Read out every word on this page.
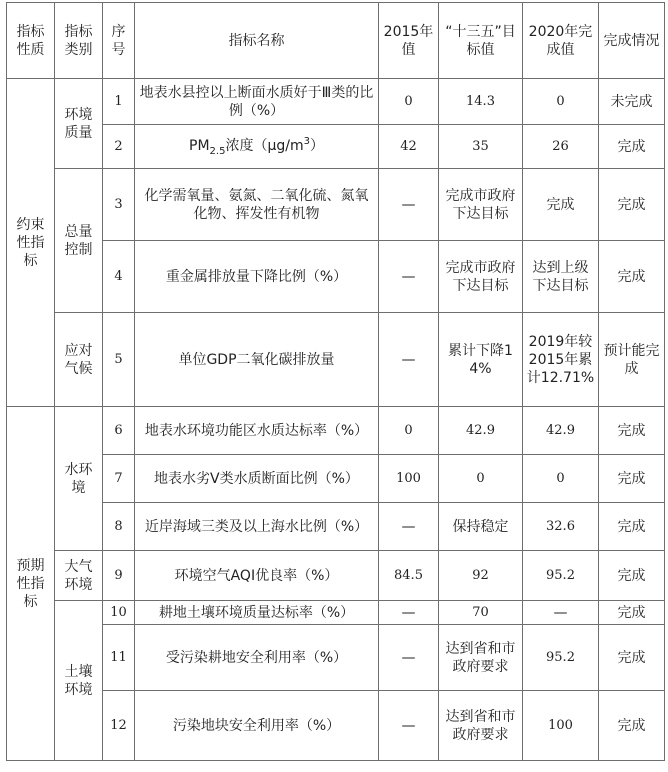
指标性质	指标类别	序号	指标名称	2015年值	“十三五”目标值	2020年完成值	完成情况
约束性指标	环境质量	1	地表水县控以上断面水质好于Ⅲ类的比例（%）	0	14.3	0	未完成
		2	$PM_{2.5}$浓度$(\mu g/m^3)$	42	35	26	完成
	总量控制	3	化学需氧量、氨氮、二氧化硫、氮氧化物、挥发性有机物	—	完成市政府下达目标	完成	完成
		4	重金属排放量下降比例（%）	—	完成市政府下达目标	达到上级下达目标	完成
	应对气候	5	单位GDP二氧化碳排放量	—	累计下降14%	2019年较2015年累计12.71%	预计能完成
预期性指标	水环境	6	地表水环境功能区水质达标率（%）	0	42.9	42.9	完成
		7	地表水劣V类水质断面比例（%）	100	0	0	完成
		8	近岸海域三类及以上海水比例（%）	—	保持稳定	32.6	完成
	大气环境	9	环境空气AQI优良率（%）	84.5	92	95.2	完成
	土壤环境	10	耕地土壤环境质量达标率（%）	—	70	—	完成
		11	受污染耕地安全利用率（%）	—	达到省和市政府要求	95.2	完成
		12	污染地块安全利用率（%）	—	达到省和市政府要求	100	完成
